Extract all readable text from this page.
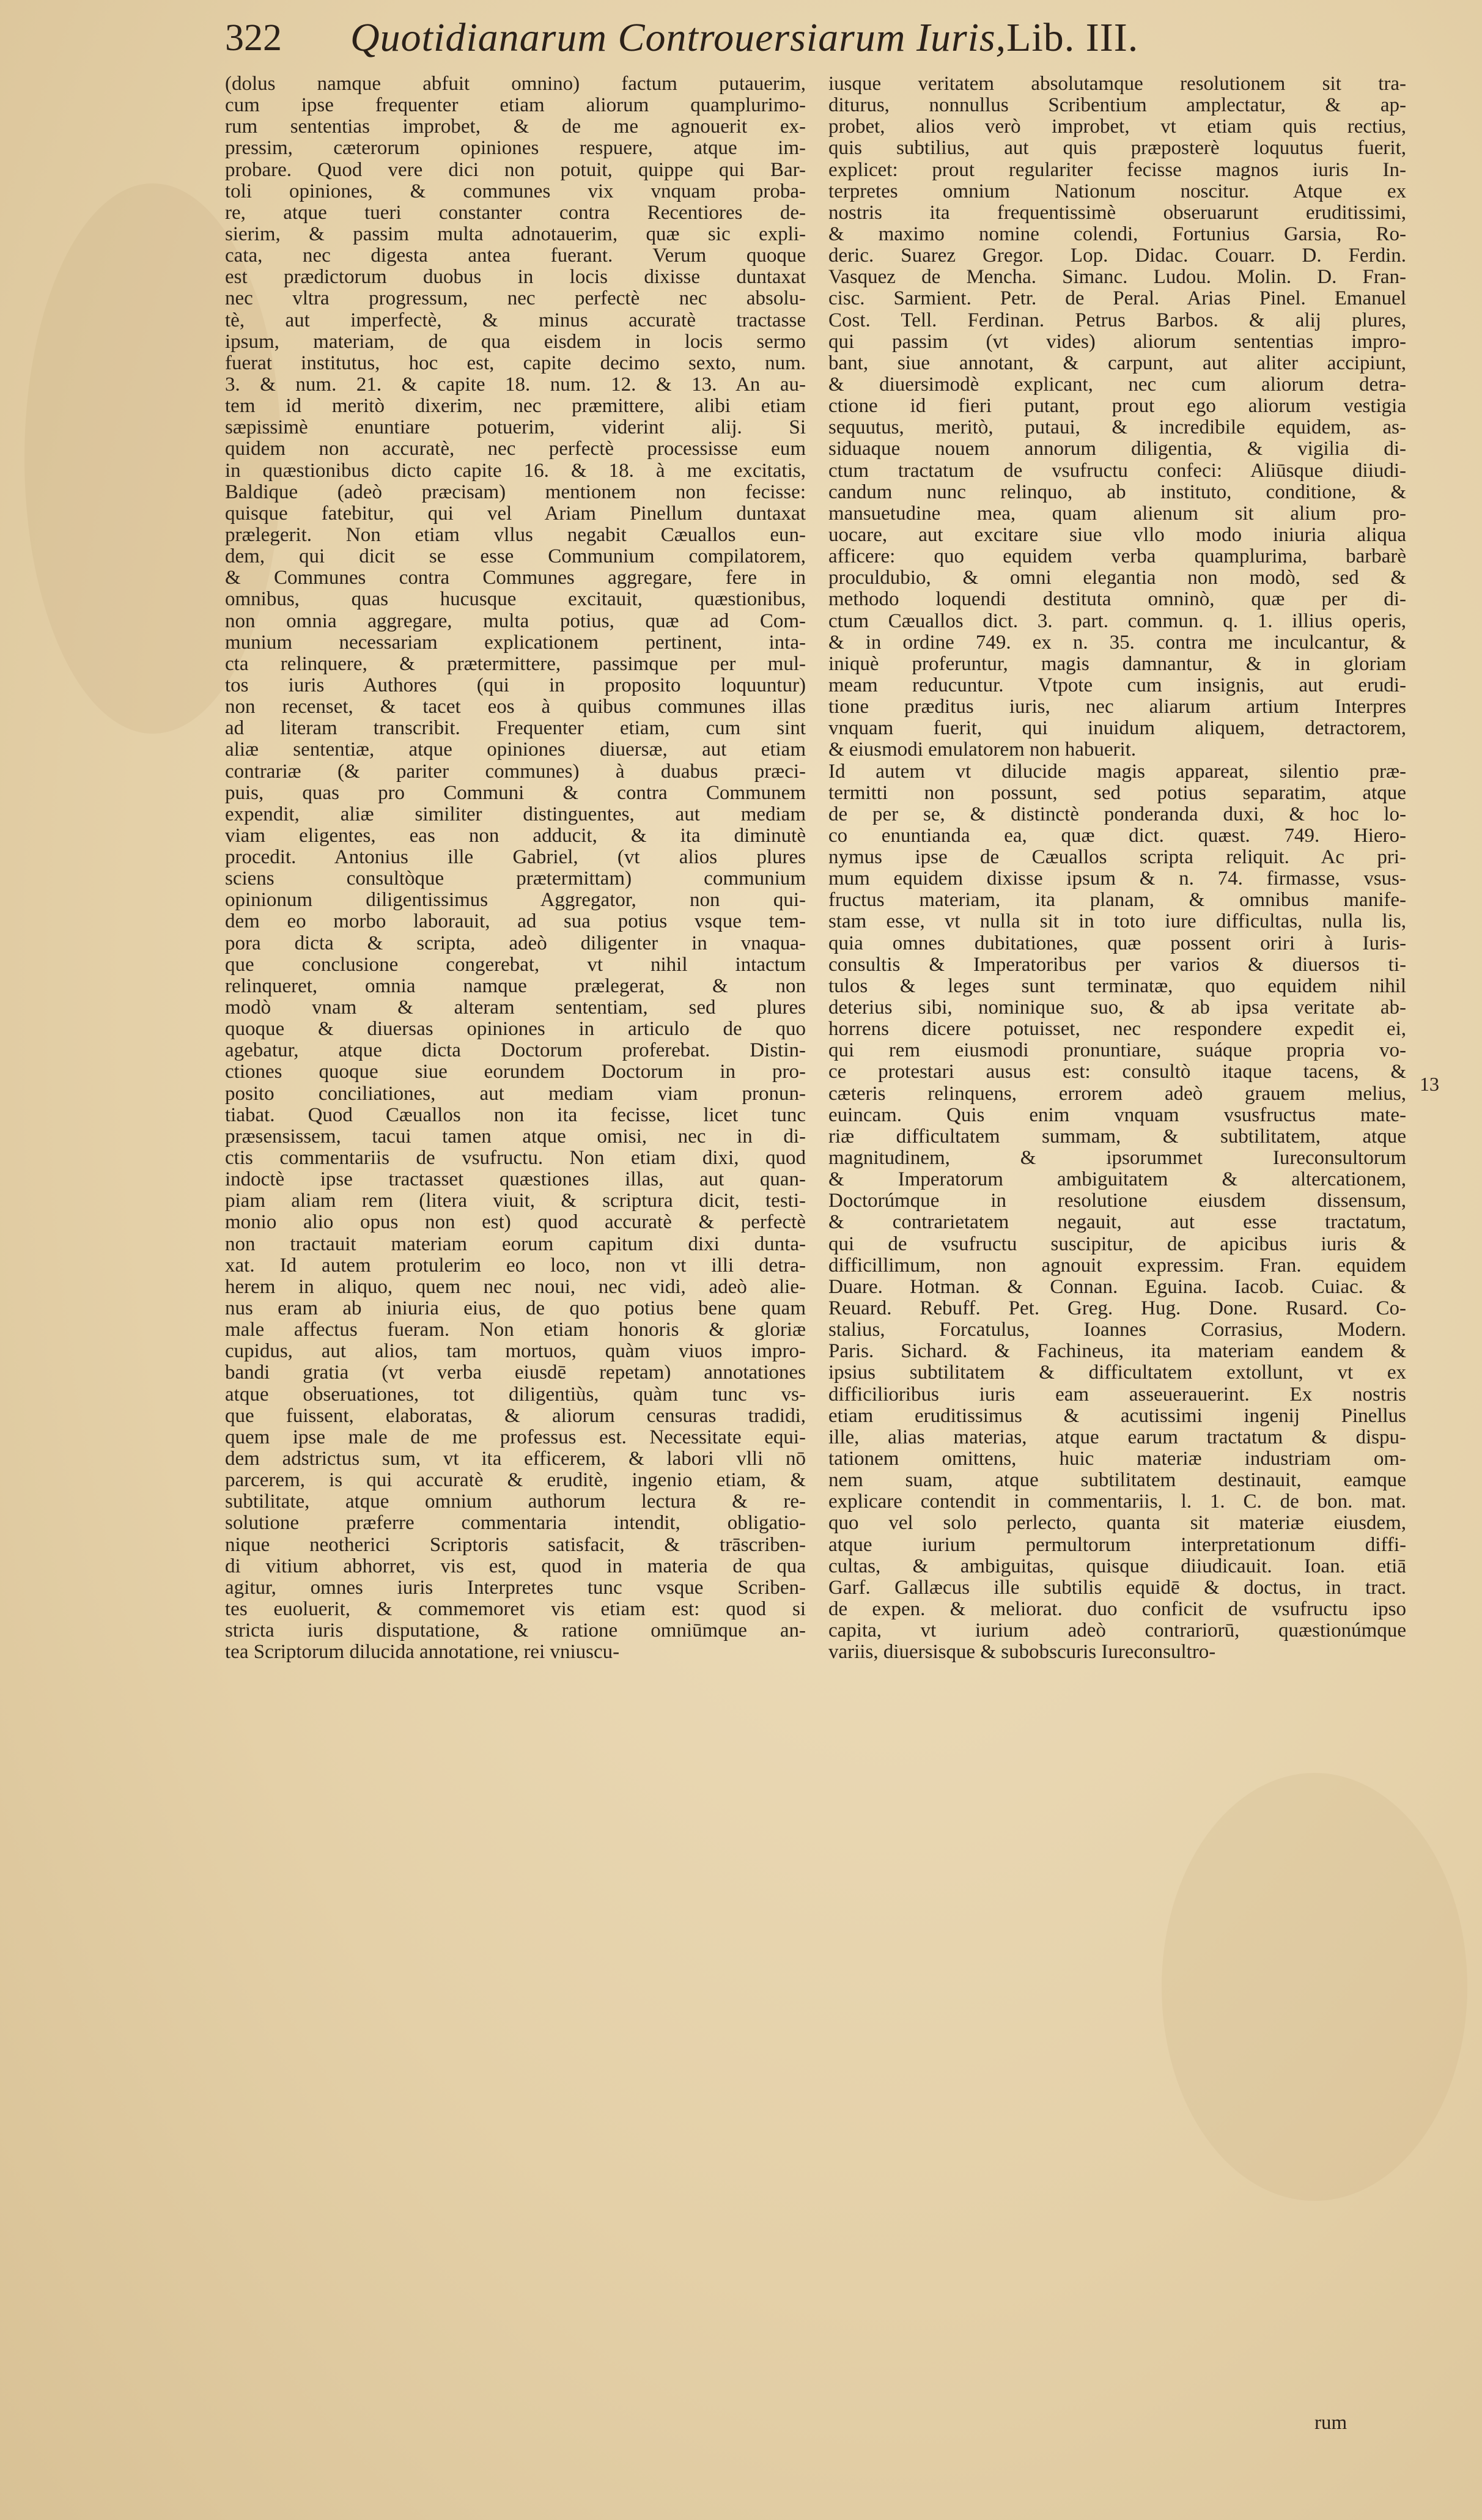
322 Quotidianarum Controuersiarum Iuris,Lib. III.
(dolus namque abfuit omnino) factum putauerim,
cum ipse frequenter etiam aliorum quamplurimo-
rum sententias improbet, & de me agnouerit ex-
pressim, cæterorum opiniones respuere, atque im-
probare. Quod vere dici non potuit, quippe qui Bar-
toli opiniones, & communes vix vnquam proba-
re, atque tueri constanter contra Recentiores de-
sierim, & passim multa adnotauerim, quæ sic expli-
cata, nec digesta antea fuerant. Verum quoque
est prædictorum duobus in locis dixisse duntaxat
nec vltra progressum, nec perfectè nec absolu-
tè, aut imperfectè, & minus accuratè tractasse
ipsum, materiam, de qua eisdem in locis sermo
fuerat institutus, hoc est, capite decimo sexto, num.
3. & num. 21. & capite 18. num. 12. & 13. An au-
tem id meritò dixerim, nec præmittere, alibi etiam
sæpissimè enuntiare potuerim, viderint alij. Si
quidem non accuratè, nec perfectè processisse eum
in quæstionibus dicto capite 16. & 18. à me excitatis,
Baldique (adeò præcisam) mentionem non fecisse:
quisque fatebitur, qui vel Ariam Pinellum duntaxat
prælegerit. Non etiam vllus negabit Cæuallos eun-
dem, qui dicit se esse Communium compilatorem,
& Communes contra Communes aggregare, fere in
omnibus, quas hucusque excitauit, quæstionibus,
non omnia aggregare, multa potius, quæ ad Com-
munium necessariam explicationem pertinent, inta-
cta relinquere, & prætermittere, passimque per mul-
tos iuris Authores (qui in proposito loquuntur)
non recenset, & tacet eos à quibus communes illas
ad literam transcribit. Frequenter etiam, cum sint
aliæ sententiæ, atque opiniones diuersæ, aut etiam
contrariæ (& pariter communes) à duabus præci-
puis, quas pro Communi & contra Communem
expendit, aliæ similiter distinguentes, aut mediam
viam eligentes, eas non adducit, & ita diminutè
procedit. Antonius ille Gabriel, (vt alios plures
sciens consultòque prætermittam) communium
opinionum diligentissimus Aggregator, non qui-
dem eo morbo laborauit, ad sua potius vsque tem-
pora dicta & scripta, adeò diligenter in vnaqua-
que conclusione congerebat, vt nihil intactum
relinqueret, omnia namque prælegerat, & non
modò vnam & alteram sententiam, sed plures
quoque & diuersas opiniones in articulo de quo
agebatur, atque dicta Doctorum proferebat. Distin-
ctiones quoque siue eorundem Doctorum in pro-
posito conciliationes, aut mediam viam pronun-
tiabat. Quod Cæuallos non ita fecisse, licet tunc
præsensissem, tacui tamen atque omisi, nec in di-
ctis commentariis de vsufructu. Non etiam dixi, quod
indoctè ipse tractasset quæstiones illas, aut quan-
piam aliam rem (litera viuit, & scriptura dicit, testi-
monio alio opus non est) quod accuratè & perfectè
non tractauit materiam eorum capitum dixi dunta-
xat. Id autem protulerim eo loco, non vt illi detra-
herem in aliquo, quem nec noui, nec vidi, adeò alie-
nus eram ab iniuria eius, de quo potius bene quam
male affectus fueram. Non etiam honoris & gloriæ
cupidus, aut alios, tam mortuos, quàm viuos impro-
bandi gratia (vt verba eiusdē repetam) annotationes
atque obseruationes, tot diligentiùs, quàm tunc vs-
que fuissent, elaboratas, & aliorum censuras tradidi,
quem ipse male de me professus est. Necessitate equi-
dem adstrictus sum, vt ita efficerem, & labori vlli nō
parcerem, is qui accuratè & eruditè, ingenio etiam, &
subtilitate, atque omnium authorum lectura & re-
solutione præferre commentaria intendit, obligatio-
nique neotherici Scriptoris satisfacit, & trāscriben-
di vitium abhorret, vis est, quod in materia de qua
agitur, omnes iuris Interpretes tunc vsque Scriben-
tes euoluerit, & commemoret vis etiam est: quod si
stricta iuris disputatione, & ratione omniūmque an-
tea Scriptorum dilucida annotatione, rei vniuscu-
iusque veritatem absolutamque resolutionem sit tra-
diturus, nonnullus Scribentium amplectatur, & ap-
probet, alios verò improbet, vt etiam quis rectius,
quis subtilius, aut quis præposterè loquutus fuerit,
explicet: prout regulariter fecisse magnos iuris In-
terpretes omnium Nationum noscitur. Atque ex
nostris ita frequentissimè obseruarunt eruditissimi,
& maximo nomine colendi, Fortunius Garsia, Ro-
deric. Suarez Gregor. Lop. Didac. Couarr. D. Ferdin.
Vasquez de Mencha. Simanc. Ludou. Molin. D. Fran-
cisc. Sarmient. Petr. de Peral. Arias Pinel. Emanuel
Cost. Tell. Ferdinan. Petrus Barbos. & alij plures,
qui passim (vt vides) aliorum sententias impro-
bant, siue annotant, & carpunt, aut aliter accipiunt,
& diuersimodè explicant, nec cum aliorum detra-
ctione id fieri putant, prout ego aliorum vestigia
sequutus, meritò, putaui, & incredibile equidem, as-
siduaque nouem annorum diligentia, & vigilia di-
ctum tractatum de vsufructu confeci: Aliūsque diiudi-
candum nunc relinquo, ab instituto, conditione, &
mansuetudine mea, quam alienum sit alium pro-
uocare, aut excitare siue vllo modo iniuria aliqua
afficere: quo equidem verba quamplurima, barbarè
proculdubio, & omni elegantia non modò, sed &
methodo loquendi destituta omninò, quæ per di-
ctum Cæuallos dict. 3. part. commun. q. 1. illius operis,
& in ordine 749. ex n. 35. contra me inculcantur, &
iniquè proferuntur, magis damnantur, & in gloriam
meam reducuntur. Vtpote cum insignis, aut erudi-
tione præditus iuris, nec aliarum artium Interpres
vnquam fuerit, qui inuidum aliquem, detractorem,
& eiusmodi emulatorem non habuerit.
Id autem vt dilucide magis appareat, silentio præ-
termitti non possunt, sed potius separatim, atque
de per se, & distinctè ponderanda duxi, & hoc lo-
co enuntianda ea, quæ dict. quæst. 749. Hiero-
nymus ipse de Cæuallos scripta reliquit. Ac pri-
mum equidem dixisse ipsum & n. 74. firmasse, vsus-
fructus materiam, ita planam, & omnibus manife-
stam esse, vt nulla sit in toto iure difficultas, nulla lis,
quia omnes dubitationes, quæ possent oriri à Iuris-
consultis & Imperatoribus per varios & diuersos ti-
tulos & leges sunt terminatæ, quo equidem nihil
deterius sibi, nominique suo, & ab ipsa veritate ab-
horrens dicere potuisset, nec respondere expedit ei,
qui rem eiusmodi pronuntiare, suáque propria vo-
ce protestari ausus est: consultò itaque tacens, &
cæteris relinquens, errorem adeò grauem melius,
euincam. Quis enim vnquam vsusfructus mate-
riæ difficultatem summam, & subtilitatem, atque
magnitudinem, & ipsorummet Iureconsultorum
& Imperatorum ambiguitatem & altercationem,
Doctorúmque in resolutione eiusdem dissensum,
& contrarietatem negauit, aut esse tractatum,
qui de vsufructu suscipitur, de apicibus iuris &
difficillimum, non agnouit expressim. Fran. equidem
Duare. Hotman. & Connan. Eguina. Iacob. Cuiac. &
Reuard. Rebuff. Pet. Greg. Hug. Done. Rusard. Co-
stalius, Forcatulus, Ioannes Corrasius, Modern.
Paris. Sichard. & Fachineus, ita materiam eandem &
ipsius subtilitatem & difficultatem extollunt, vt ex
difficilioribus iuris eam asseuerauerint. Ex nostris
etiam eruditissimus & acutissimi ingenij Pinellus
ille, alias materias, atque earum tractatum & dispu-
tationem omittens, huic materiæ industriam om-
nem suam, atque subtilitatem destinauit, eamque
explicare contendit in commentariis, l. 1. C. de bon. mat.
quo vel solo perlecto, quanta sit materiæ eiusdem,
atque iurium permultorum interpretationum diffi-
cultas, & ambiguitas, quisque diiudicauit. Ioan. etiā
Garf. Gallæcus ille subtilis equidē & doctus, in tract.
de expen. & meliorat. duo conficit de vsufructu ipso
capita, vt iurium adeò contrariorū, quæstionúmque
variis, diuersisque & subobscuris Iureconsultro-
13
rum
